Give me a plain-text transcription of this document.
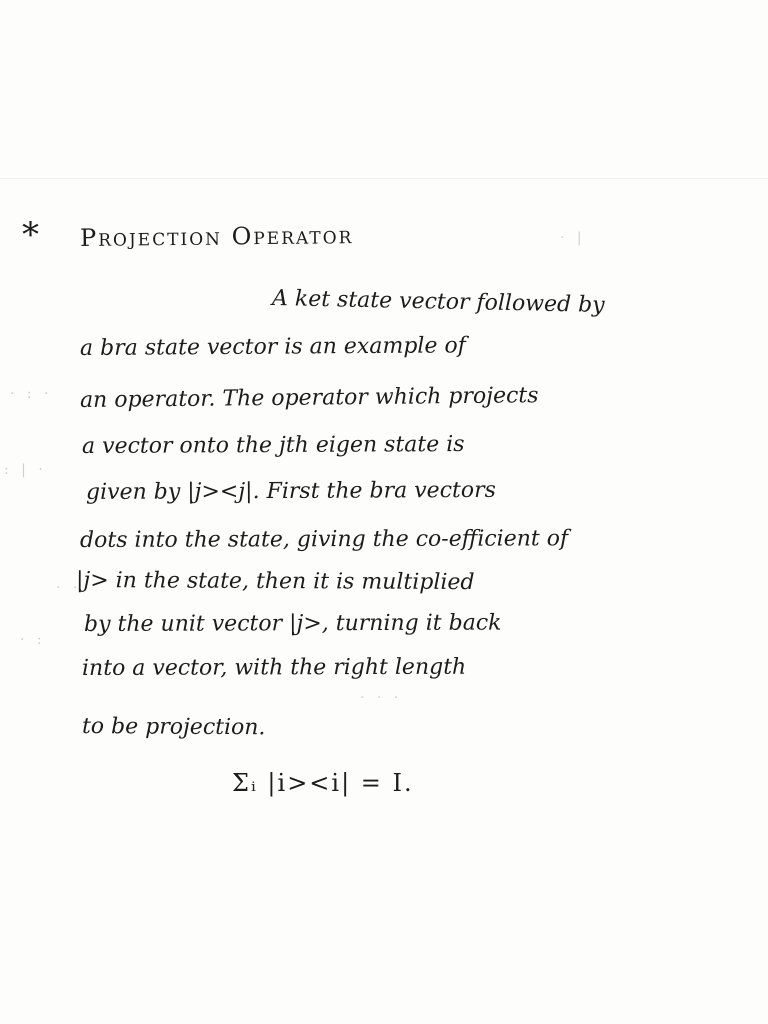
· : ·
: | ·
· ·
· :
· |
· · ·
* Projection Operator
A ket state vector followed by
a bra state vector is an example of
an operator. The operator which projects
a vector onto the jth eigen state is
given by |j><j|. First the bra vectors
dots into the state, giving the co-efficient of
|j> in the state, then it is multiplied
by the unit vector |j>, turning it back
into a vector, with the right length
to be projection.
Σᵢ |i><i| = I.
